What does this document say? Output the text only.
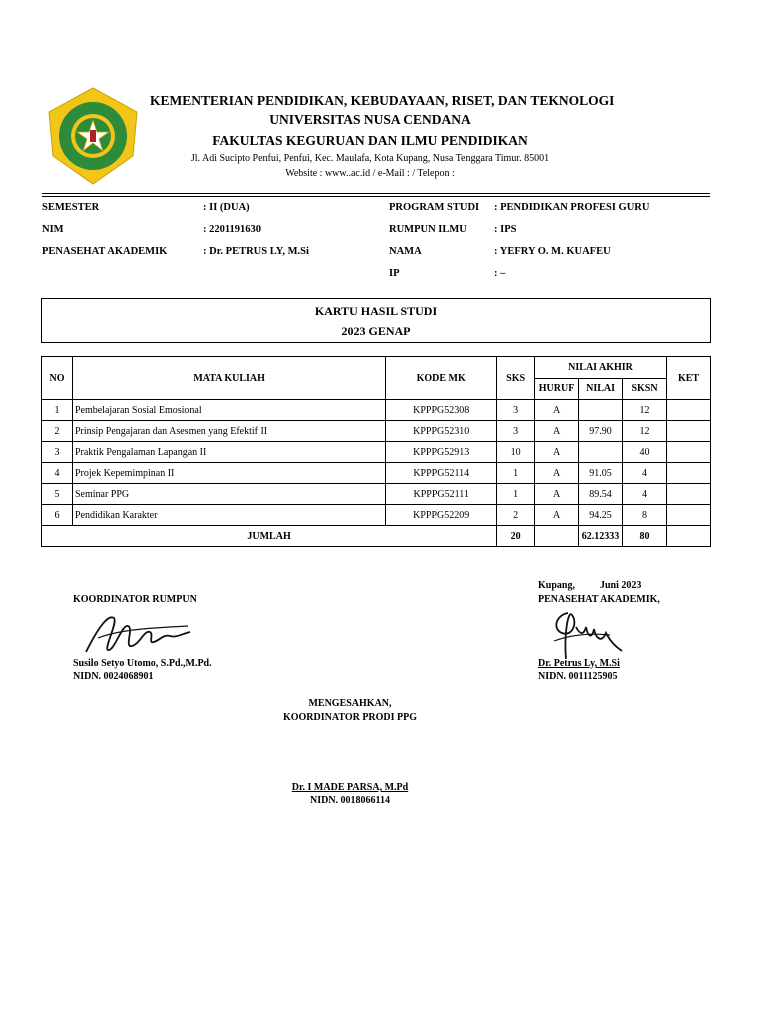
KEMENTERIAN PENDIDIKAN, KEBUDAYAAN, RISET, DAN TEKNOLOGI
UNIVERSITAS NUSA CENDANA
FAKULTAS KEGURUAN DAN ILMU PENDIDIKAN
Jl. Adi Sucipto Penfui, Penfui, Kec. Maulafa, Kota Kupang, Nusa Tenggara Timur. 85001
Website : www..ac.id / e-Mail : / Telepon :
SEMESTER	: II (DUA)
NIM	: 2201191630
PENASEHAT AKADEMIK	: Dr. PETRUS LY, M.Si
PROGRAM STUDI : PENDIDIKAN PROFESI GURU
RUMPUN ILMU	: IPS
NAMA	: YEFRY O. M. KUAFEU
IP	: –
KARTU HASIL STUDI
2023 GENAP
NO	MATA KULIAH	KODE MK	SKS	NILAI AKHIR			KET
				HURUF	NILAI	SKSN	
1	Pembelajaran Sosial Emosional	KPPPG52308	3	A		12	
2	Prinsip Pengajaran dan Asesmen yang Efektif II	KPPPG52310	3	A	97.90	12	
3	Praktik Pengalaman Lapangan II	KPPPG52913	10	A		40	
4	Projek Kepemimpinan II	KPPPG52114	1	A	91.05	4	
5	Seminar PPG	KPPPG52111	1	A	89.54	4	
6	Pendidikan Karakter	KPPPG52209	2	A	94.25	8	
JUMLAH			20		62.12333	80	
Kupang,          Juni 2023
KOORDINATOR RUMPUN	PENASEHAT AKADEMIK,
Susilo Setyo Utomo, S.Pd.,M.Pd.
NIDN. 0024068901
Dr. Petrus Ly, M.Si
NIDN. 0011125905
MENGESAHKAN,
KOORDINATOR PRODI PPG
Dr. I MADE PARSA, M.Pd
NIDN. 0018066114
